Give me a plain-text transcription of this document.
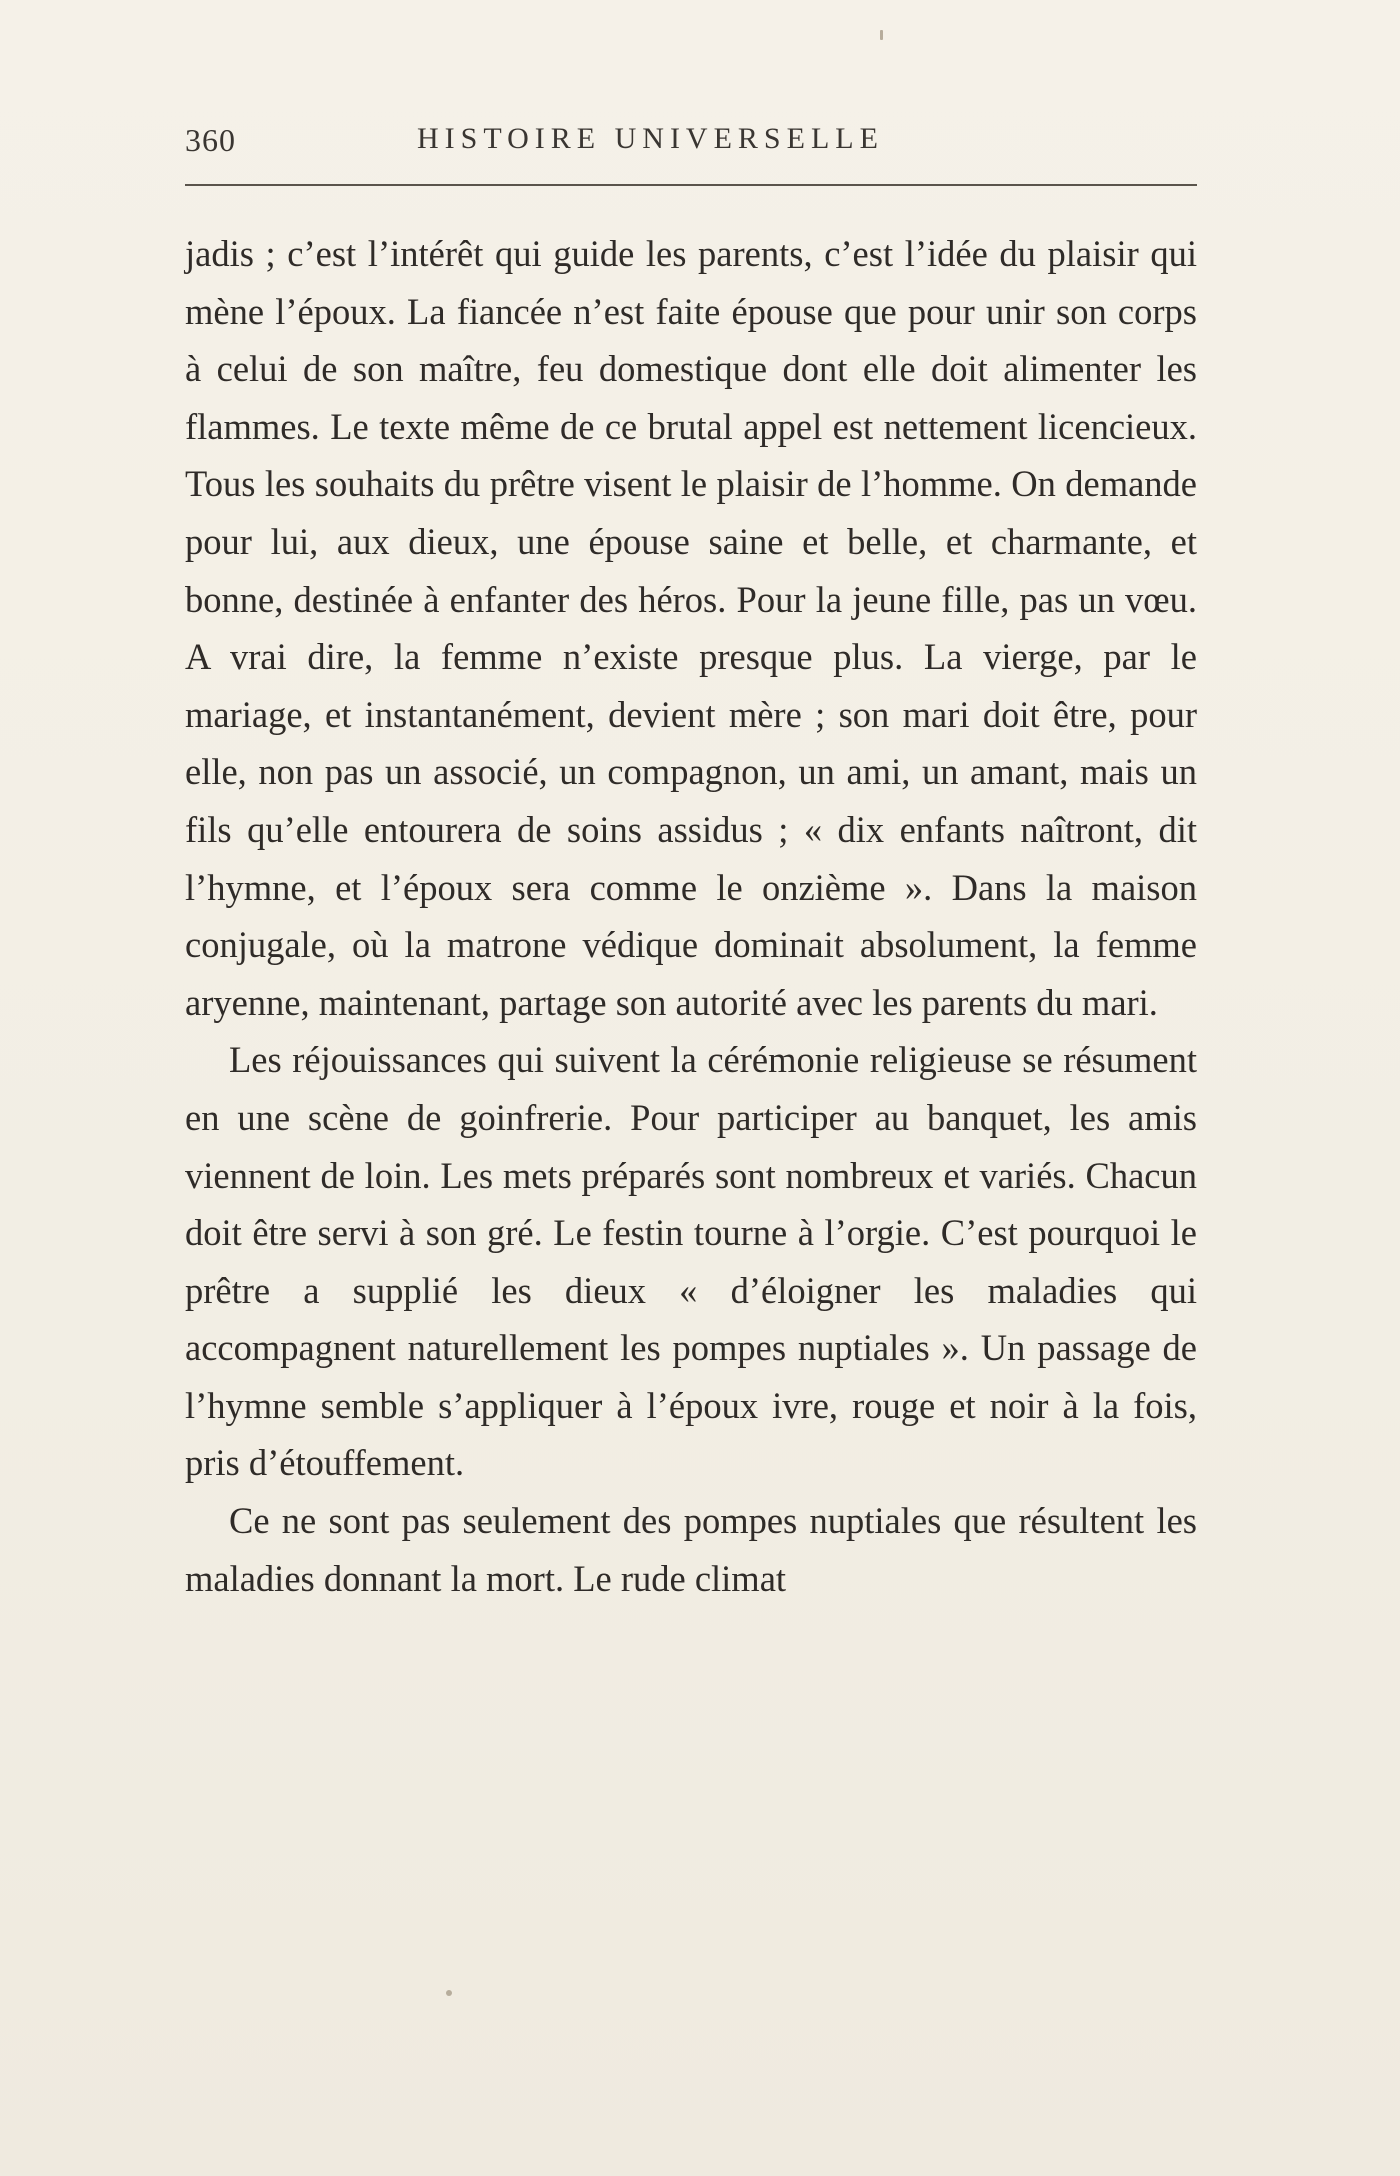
360	HISTOIRE UNIVERSELLE

jadis ; c’est l’intérêt qui guide les parents, c’est l’idée du plaisir qui mène l’époux. La fiancée n’est faite épouse que pour unir son corps à celui de son maître, feu domestique dont elle doit alimenter les flammes. Le texte même de ce brutal appel est nettement licencieux. Tous les souhaits du prêtre visent le plaisir de l’homme. On demande pour lui, aux dieux, une épouse saine et belle, et charmante, et bonne, destinée à enfanter des héros. Pour la jeune fille, pas un vœu. A vrai dire, la femme n’existe presque plus. La vierge, par le mariage, et instantanément, devient mère ; son mari doit être, pour elle, non pas un associé, un compagnon, un ami, un amant, mais un fils qu’elle entourera de soins assidus ; « dix enfants naîtront, dit l’hymne, et l’époux sera comme le onzième ». Dans la maison conjugale, où la matrone védique dominait absolument, la femme aryenne, maintenant, partage son autorité avec les parents du mari.

Les réjouissances qui suivent la cérémonie religieuse se résument en une scène de goinfrerie. Pour participer au banquet, les amis viennent de loin. Les mets préparés sont nombreux et variés. Chacun doit être servi à son gré. Le festin tourne à l’orgie. C’est pourquoi le prêtre a supplié les dieux « d’éloigner les maladies qui accompagnent naturellement les pompes nuptiales ». Un passage de l’hymne semble s’appliquer à l’époux ivre, rouge et noir à la fois, pris d’étouffement.

Ce ne sont pas seulement des pompes nuptiales que résultent les maladies donnant la mort. Le rude climat
